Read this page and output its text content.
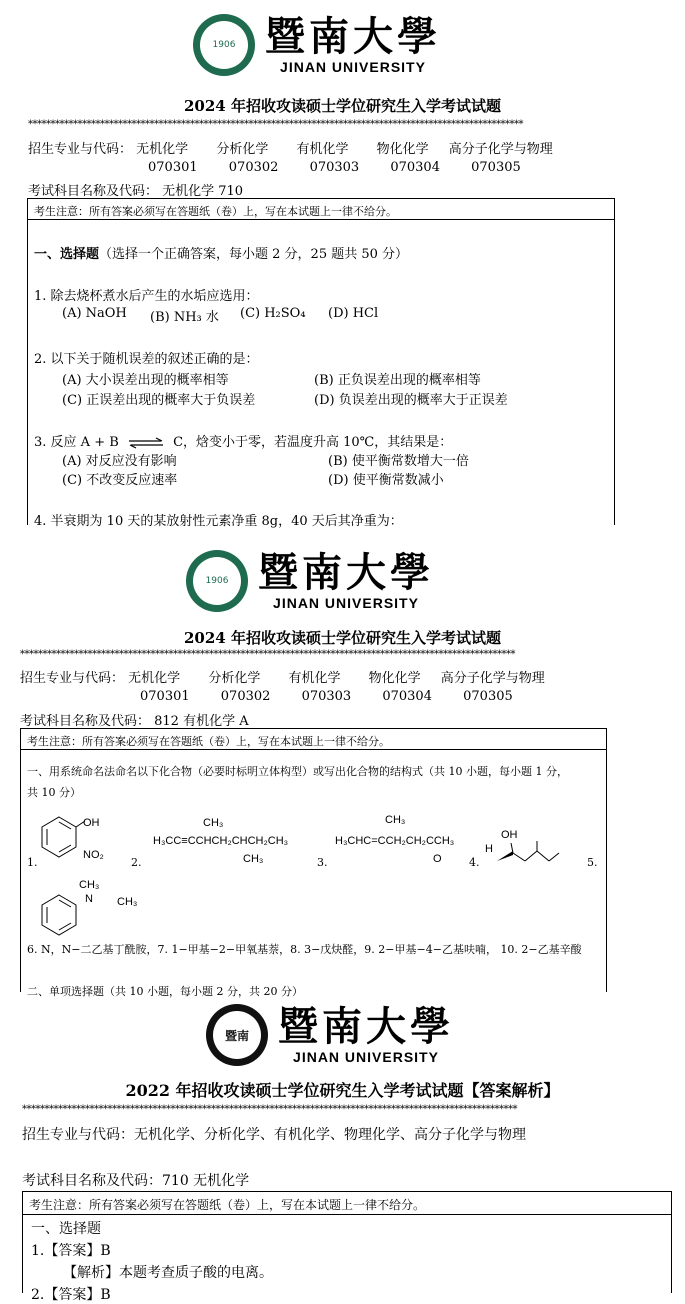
1906 暨南大學
JINAN UNIVERSITY
2024 年招收攻读硕士学位研究生入学考试试题
**************************************************************************************************************
招生专业与代码： 无机化学 分析化学 有机化学 物化化学 高分子化学与物理
070301 070302 070303 070304 070305
考试科目名称及代码： 无机化学 710
考生注意：所有答案必须写在答题纸（卷）上，写在本试题上一律不给分。
一、选择题（选择一个正确答案，每小题 2 分，25 题共 50 分）
1. 除去烧杯煮水后产生的水垢应选用：
(A) NaOH (B) NH₃ 水 (C) H₂SO₄ (D) HCl
2. 以下关于随机误差的叙述正确的是：
(A) 大小误差出现的概率相等	(B) 正负误差出现的概率相等
(C) 正误差出现的概率大于负误差	(D) 负误差出现的概率大于正误差
3. 反应 A + B ⇌ C，焓变小于零，若温度升高 10℃，其结果是：
(A) 对反应没有影响	(B) 使平衡常数增大一倍
(C) 不改变反应速率	(D) 使平衡常数减小
4. 半衰期为 10 天的某放射性元素净重 8g，40 天后其净重为：
1906 暨南大學
JINAN UNIVERSITY
2024 年招收攻读硕士学位研究生入学考试试题
**************************************************************************************************************
招生专业与代码： 无机化学 分析化学 有机化学 物化化学 高分子化学与物理
070301 070302 070303 070304 070305
考试科目名称及代码： 812 有机化学 A
考生注意：所有答案必须写在答题纸（卷）上，写在本试题上一律不给分。
一、用系统命名法命名以下化合物（必要时标明立体构型）或写出化合物的结构式（共 10 小题，每小题 1 分，
共 10 分）
OH
NO₂
1.	2.
CH₃
H₃CC≡CCHCH₂CHCH₂CH₃
CH₃	3.
CH₃
H₃CHC=CCH₂CH₂CCH₃
O 4.
OH
H
5.
CH₃
N CH₃
6. N，N−二乙基丁酰胺，7. 1−甲基−2−甲氧基萘，8. 3−戊炔醛，9. 2−甲基−4−乙基呋喃， 10. 2−乙基辛酸
二、单项选择题（共 10 小题，每小题 2 分，共 20 分）
暨南 暨南大學
JINAN UNIVERSITY
2022 年招收攻读硕士学位研究生入学考试试题【答案解析】
**************************************************************************************************************
招生专业与代码：无机化学、分析化学、有机化学、物理化学、高分子化学与物理
考试科目名称及代码：710 无机化学
考生注意：所有答案必须写在答题纸（卷）上，写在本试题上一律不给分。
一、选择题
1.【答案】B
【解析】本题考查质子酸的电离。
2.【答案】B
